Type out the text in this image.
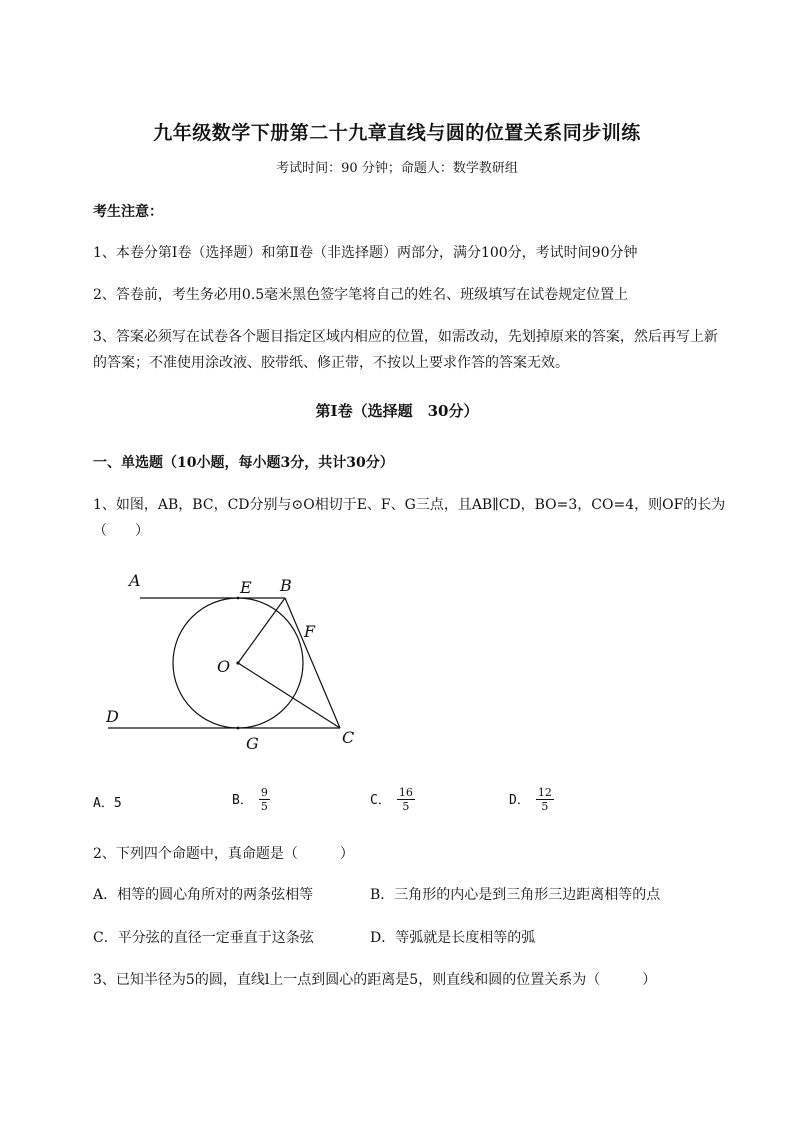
九年级数学下册第二十九章直线与圆的位置关系同步训练
考试时间：90 分钟；命题人：数学教研组
考生注意：
1、本卷分第I卷（选择题）和第Ⅱ卷（非选择题）两部分，满分100分，考试时间90分钟
2、答卷前，考生务必用0.5毫米黑色签字笔将自己的姓名、班级填写在试卷规定位置上
3、答案必须写在试卷各个题目指定区域内相应的位置，如需改动，先划掉原来的答案，然后再写上新
的答案；不准使用涂改液、胶带纸、修正带，不按以上要求作答的答案无效。
第I卷（选择题　30分）
一、单选题（10小题，每小题3分，共计30分）
1、如图，AB，BC，CD分别与⊙O相切于E、F、G三点，且AB∥CD，BO=3，CO=4，则OF的长为
（　　）
A	E B
F
O
D
G	C
A．5	B． $\frac{9}{5}$	C． $\frac{16}{5}$	D． $\frac{12}{5}$
2、下列四个命题中，真命题是（　　　）
A．相等的圆心角所对的两条弦相等	B．三角形的内心是到三角形三边距离相等的点
C．平分弦的直径一定垂直于这条弦	D．等弧就是长度相等的弧
3、已知半径为5的圆，直线l上一点到圆心的距离是5，则直线和圆的位置关系为（　　　）
